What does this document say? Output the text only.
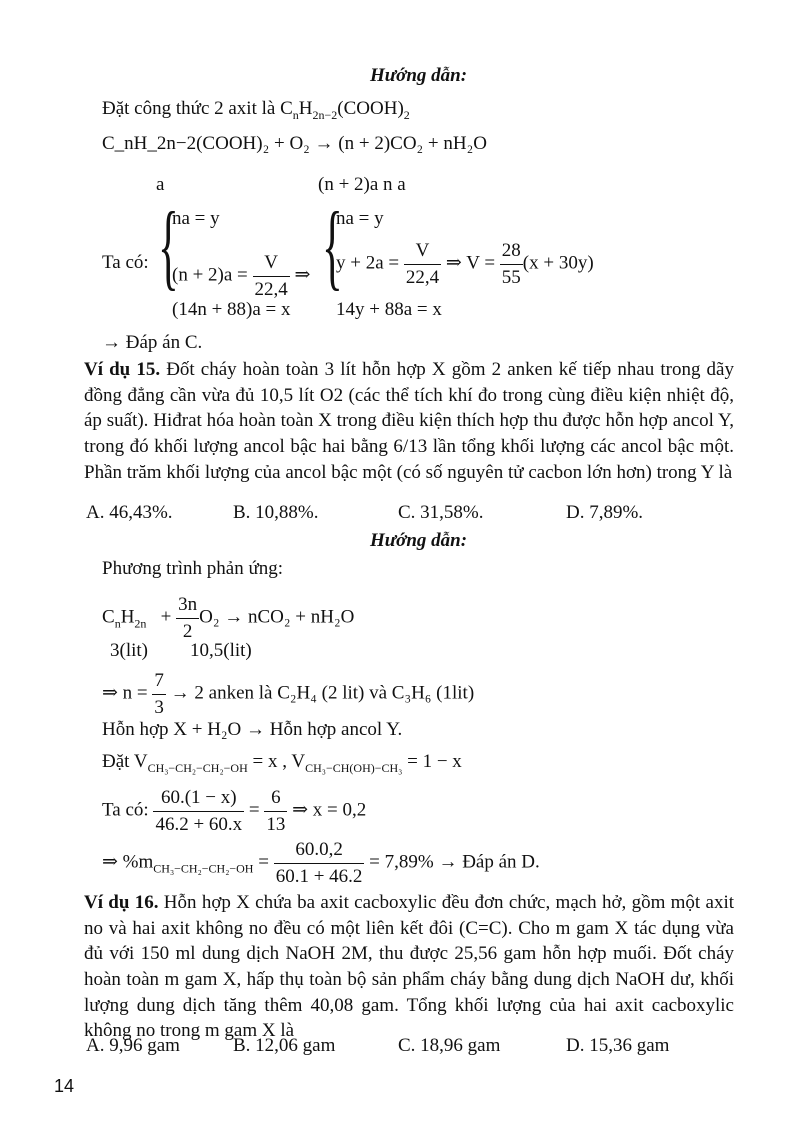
Hướng dẫn:
Đặt công thức 2 axit là $C_nH_{2n-2}(COOH)_2$
C_nH_2n−2(COOH)₂ + O₂ → (n + 2)CO₂ + nH₂O
a	(n + 2)a n a
Ta có: {
na = y
$(n + 2)a = \frac{V}{22,4}$ ⇒
(14n + 88)a = x
{
na = y
$y + 2a = \frac{V}{22,4}$ ⇒ $V = \frac{28}{55} (x + 30y)$
14y + 88a = x
→ Đáp án C.
Ví dụ 15. Đốt cháy hoàn toàn 3 lít hỗn hợp X gồm 2 anken kế tiếp nhau trong dãy đồng đẳng cần vừa đủ 10,5 lít O2 (các thể tích khí đo trong cùng điều kiện nhiệt độ, áp suất). Hiđrat hóa hoàn toàn X trong điều kiện thích hợp thu được hỗn hợp ancol Y, trong đó khối lượng ancol bậc hai bằng 6/13 lần tổng khối lượng các ancol bậc một. Phần trăm khối lượng của ancol bậc một (có số nguyên tử cacbon lớn hơn) trong Y là
A. 46,43%.	B. 10,88%.	C. 31,58%.	D. 7,89%.
Hướng dẫn:
Phương trình phản ứng:
$C_nH_{2n} + \frac{3n}{2} O_2 \to nCO_2 + nH_2O$
3(lit) 10,5(lit)
⇒ $n = \frac{7}{3} \to 2$ anken là C₂H₄ (2 lit) và C₃H₆ (1lit)
Hỗn hợp X + H₂O → Hỗn hợp ancol Y.
Đặt $V_{CH_3-CH_2-CH_2-OH} = x$ , $V_{CH_3-CH(OH)-CH_3} = 1 - x$
Ta có: $\frac{60.(1 - x)}{46.2 + 60.x} = \frac{6}{13}$ ⇒ x = 0,2
⇒ $\%m_{CH_3-CH_2-CH_2-OH} = \frac{60.0,2}{60.1 + 46.2} = 7,89\%$ → Đáp án D.
Ví dụ 16. Hỗn hợp X chứa ba axit cacboxylic đều đơn chức, mạch hở, gồm một axit no và hai axit không no đều có một liên kết đôi (C=C). Cho m gam X tác dụng vừa đủ với 150 ml dung dịch NaOH 2M, thu được 25,56 gam hỗn hợp muối. Đốt cháy hoàn toàn m gam X, hấp thụ toàn bộ sản phẩm cháy bằng dung dịch NaOH dư, khối lượng dung dịch tăng thêm 40,08 gam. Tổng khối lượng của hai axit cacboxylic không no trong m gam X là
A. 9,96 gam	B. 12,06 gam	C. 18,96 gam	D. 15,36 gam
14
